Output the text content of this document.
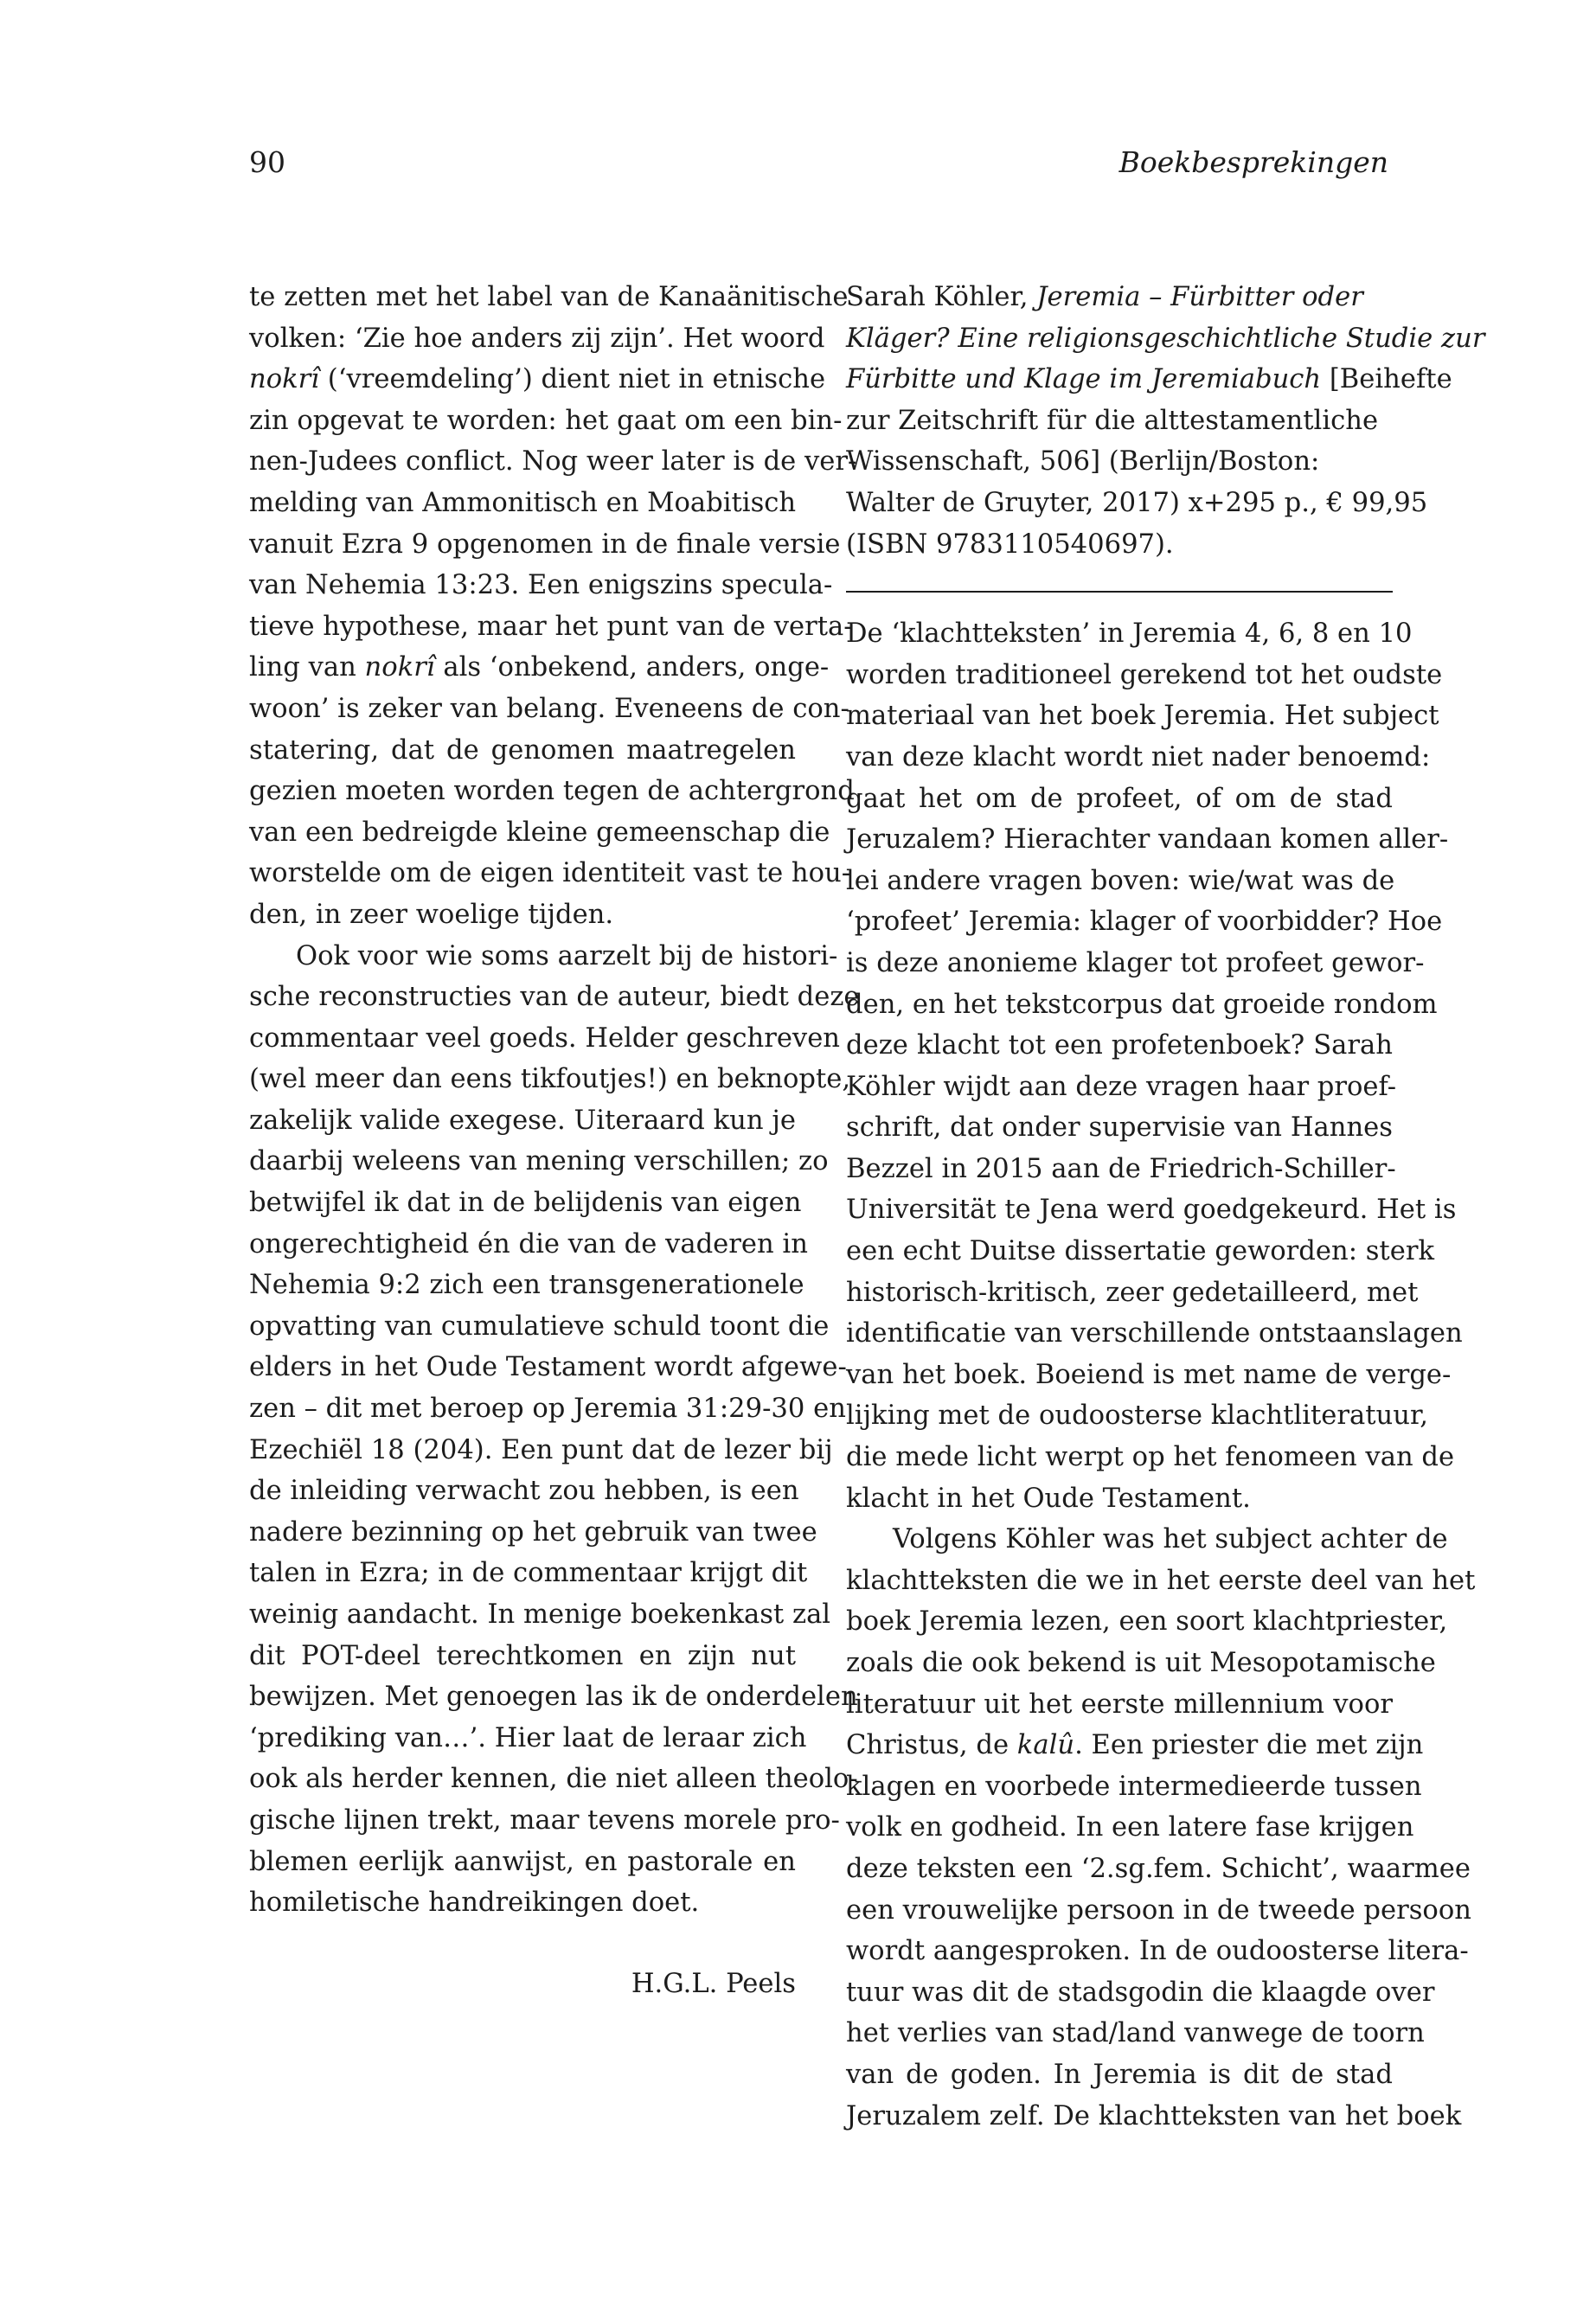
90	Boekbesprekingen
te zetten met het label van de Kanaänitische
volken: ‘Zie hoe anders zij zijn’. Het woord
nokrî (‘vreemdeling’) dient niet in etnische
zin opgevat te worden: het gaat om een bin-
nen-Judees conflict. Nog weer later is de ver-
melding van Ammonitisch en Moabitisch
vanuit Ezra 9 opgenomen in de finale versie
van Nehemia 13:23. Een enigszins specula-
tieve hypothese, maar het punt van de verta-
ling van nokrî als ‘onbekend, anders, onge-
woon’ is zeker van belang. Eveneens de con-
statering, dat de genomen maatregelen
gezien moeten worden tegen de achtergrond
van een bedreigde kleine gemeenschap die
worstelde om de eigen identiteit vast te hou-
den, in zeer woelige tijden.
Ook voor wie soms aarzelt bij de histori-
sche reconstructies van de auteur, biedt deze
commentaar veel goeds. Helder geschreven
(wel meer dan eens tikfoutjes!) en beknopte,
zakelijk valide exegese. Uiteraard kun je
daarbij weleens van mening verschillen; zo
betwijfel ik dat in de belijdenis van eigen
ongerechtigheid én die van de vaderen in
Nehemia 9:2 zich een transgenerationele
opvatting van cumulatieve schuld toont die
elders in het Oude Testament wordt afgewe-
zen – dit met beroep op Jeremia 31:29-30 en
Ezechiël 18 (204). Een punt dat de lezer bij
de inleiding verwacht zou hebben, is een
nadere bezinning op het gebruik van twee
talen in Ezra; in de commentaar krijgt dit
weinig aandacht. In menige boekenkast zal
dit POT-deel terechtkomen en zijn nut
bewijzen. Met genoegen las ik de onderdelen
‘prediking van…’. Hier laat de leraar zich
ook als herder kennen, die niet alleen theolo-
gische lijnen trekt, maar tevens morele pro-
blemen eerlijk aanwijst, en pastorale en
homiletische handreikingen doet.
H.G.L. Peels
Sarah Köhler, Jeremia – Fürbitter oder
Kläger? Eine religionsgeschichtliche Studie zur
Fürbitte und Klage im Jeremiabuch [Beihefte
zur Zeitschrift für die alttestamentliche
Wissenschaft, 506] (Berlijn/Boston:
Walter de Gruyter, 2017) x+295 p., € 99,95
(ISBN 9783110540697).
De ‘klachtteksten’ in Jeremia 4, 6, 8 en 10
worden traditioneel gerekend tot het oudste
materiaal van het boek Jeremia. Het subject
van deze klacht wordt niet nader benoemd:
gaat het om de profeet, of om de stad
Jeruzalem? Hierachter vandaan komen aller-
lei andere vragen boven: wie/wat was de
‘profeet’ Jeremia: klager of voorbidder? Hoe
is deze anonieme klager tot profeet gewor-
den, en het tekstcorpus dat groeide rondom
deze klacht tot een profetenboek? Sarah
Köhler wijdt aan deze vragen haar proef-
schrift, dat onder supervisie van Hannes
Bezzel in 2015 aan de Friedrich-Schiller-
Universität te Jena werd goedgekeurd. Het is
een echt Duitse dissertatie geworden: sterk
historisch-kritisch, zeer gedetailleerd, met
identificatie van verschillende ontstaanslagen
van het boek. Boeiend is met name de verge-
lijking met de oudoosterse klachtliteratuur,
die mede licht werpt op het fenomeen van de
klacht in het Oude Testament.
Volgens Köhler was het subject achter de
klachtteksten die we in het eerste deel van het
boek Jeremia lezen, een soort klachtpriester,
zoals die ook bekend is uit Mesopotamische
literatuur uit het eerste millennium voor
Christus, de kalû. Een priester die met zijn
klagen en voorbede intermedieerde tussen
volk en godheid. In een latere fase krijgen
deze teksten een ‘2.sg.fem. Schicht’, waarmee
een vrouwelijke persoon in de tweede persoon
wordt aangesproken. In de oudoosterse litera-
tuur was dit de stadsgodin die klaagde over
het verlies van stad/land vanwege de toorn
van de goden. In Jeremia is dit de stad
Jeruzalem zelf. De klachtteksten van het boek
